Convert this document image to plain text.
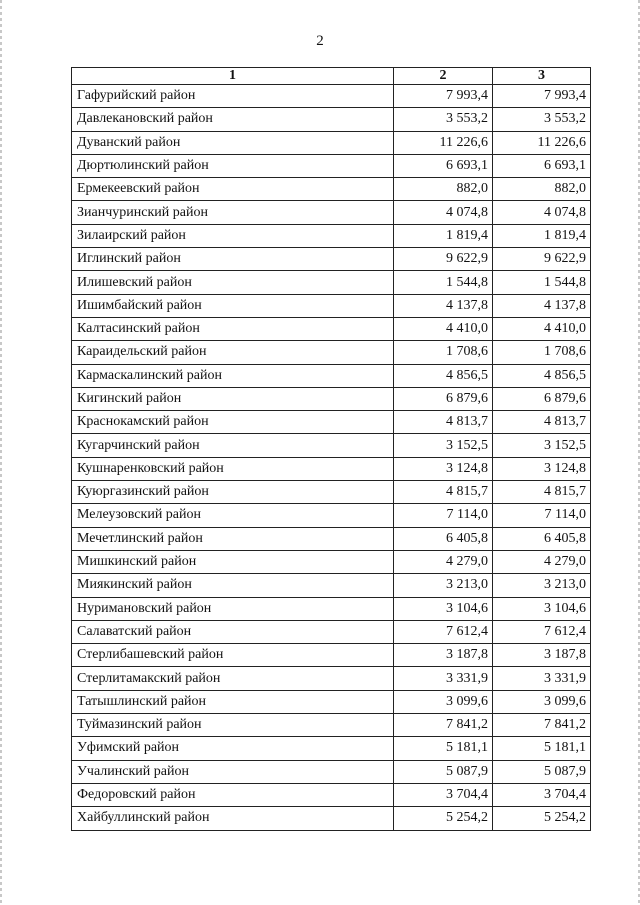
2
1	2	3
Гафурийский район	7 993,4	7 993,4
Давлекановский район	3 553,2	3 553,2
Дуванский район	11 226,6	11 226,6
Дюртюлинский район	6 693,1	6 693,1
Ермекеевский район	882,0	882,0
Зианчуринский район	4 074,8	4 074,8
Зилаирский район	1 819,4	1 819,4
Иглинский район	9 622,9	9 622,9
Илишевский район	1 544,8	1 544,8
Ишимбайский район	4 137,8	4 137,8
Калтасинский район	4 410,0	4 410,0
Караидельский район	1 708,6	1 708,6
Кармаскалинский район	4 856,5	4 856,5
Кигинский район	6 879,6	6 879,6
Краснокамский район	4 813,7	4 813,7
Кугарчинский район	3 152,5	3 152,5
Кушнаренковский район	3 124,8	3 124,8
Куюргазинский район	4 815,7	4 815,7
Мелеузовский район	7 114,0	7 114,0
Мечетлинский район	6 405,8	6 405,8
Мишкинский район	4 279,0	4 279,0
Миякинский район	3 213,0	3 213,0
Нуримановский район	3 104,6	3 104,6
Салаватский район	7 612,4	7 612,4
Стерлибашевский район	3 187,8	3 187,8
Стерлитамакский район	3 331,9	3 331,9
Татышлинский район	3 099,6	3 099,6
Туймазинский район	7 841,2	7 841,2
Уфимский район	5 181,1	5 181,1
Учалинский район	5 087,9	5 087,9
Федоровский район	3 704,4	3 704,4
Хайбуллинский район	5 254,2	5 254,2
